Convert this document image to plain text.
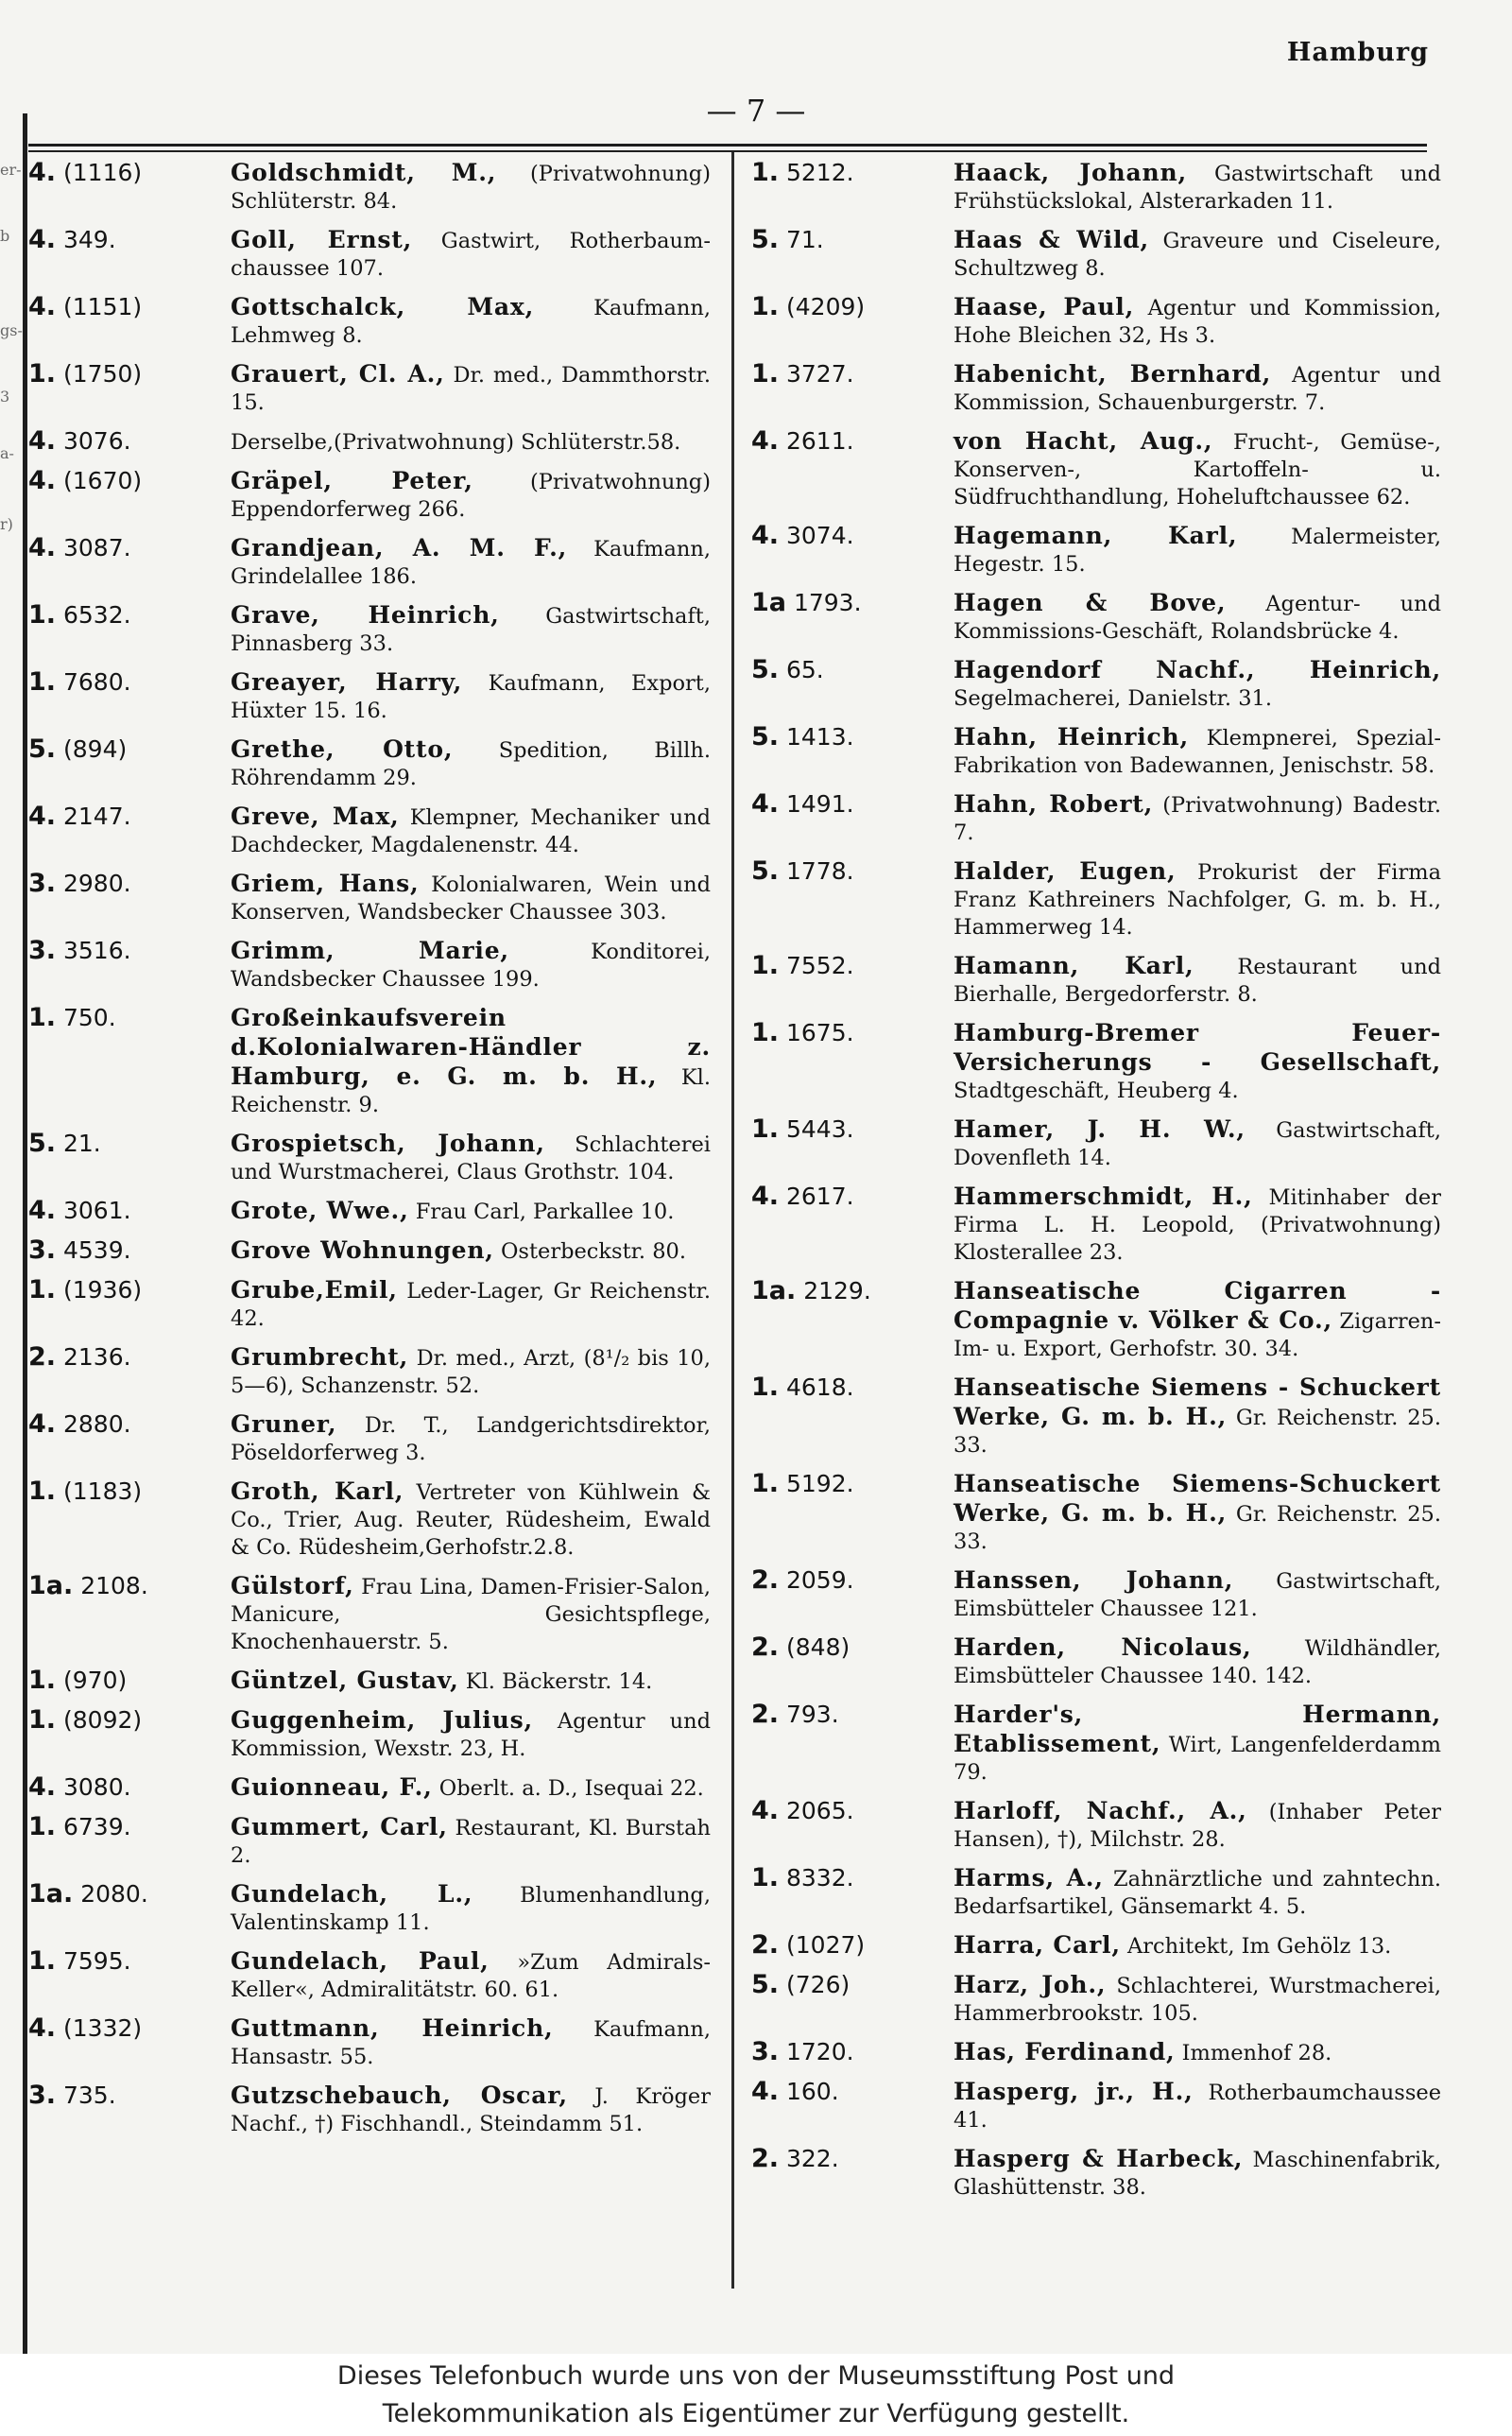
er-
b
gs-
3
a-
r)
Hamburg
— 7 —
4. (1116)	Goldschmidt, M., (Privatwohnung) Schlüterstr. 84.
4. 349.	Goll, Ernst, Gastwirt, Rotherbaum-chaussee 107.
4. (1151)	Gottschalck, Max,	Kaufmann, Lehmweg 8.
1. (1750)	Grauert, Cl. A., Dr. med., Dammthorstr. 15.
4. 3076.	Derselbe,(Privatwohnung) Schlüterstr.58.
4. (1670)	Gräpel, Peter,	(Privatwohnung) Eppendorferweg 266.
4. 3087.	Grandjean, A. M. F., Kaufmann, Grindelallee 186.
1. 6532.	Grave, Heinrich, Gastwirtschaft, Pinnasberg 33.
1. 7680.	Greayer, Harry, Kaufmann, Export, Hüxter 15. 16.
5. (894)	Grethe, Otto, Spedition, Billh. Röhrendamm 29.
4. 2147.	Greve, Max, Klempner, Mechaniker und Dachdecker, Magdalenenstr. 44.
3. 2980.	Griem, Hans, Kolonialwaren, Wein und Konserven, Wandsbecker Chaussee 303.
3. 3516.	Grimm, Marie,	Konditorei, Wandsbecker Chaussee 199.
1. 750.	Großeinkaufsverein d.Kolonialwaren-Händler z. Hamburg, e. G. m. b. H., Kl. Reichenstr. 9.
5. 21.	Grospietsch, Johann, Schlachterei und Wurstmacherei, Claus Grothstr. 104.
4. 3061.	Grote, Wwe., Frau Carl, Parkallee 10.
3. 4539.	Grove Wohnungen, Osterbeckstr. 80.
1. (1936)	Grube,Emil, Leder-Lager, Gr Reichenstr. 42.
2. 2136.	Grumbrecht, Dr. med., Arzt, (8¹/₂ bis 10, 5—6), Schanzenstr. 52.
4. 2880.	Gruner, Dr. T., Landgerichtsdirektor, Pöseldorferweg 3.
1. (1183)	Groth, Karl, Vertreter von Kühlwein & Co., Trier, Aug. Reuter, Rüdesheim, Ewald & Co. Rüdesheim,Gerhofstr.2.8.
1a. 2108.	Gülstorf, Frau Lina, Damen-Frisier-Salon, Manicure, Gesichtspflege, Knochenhauerstr. 5.
1. (970)	Güntzel, Gustav, Kl. Bäckerstr. 14.
1. (8092)	Guggenheim, Julius, Agentur und Kommission, Wexstr. 23, H.
4. 3080.	Guionneau, F., Oberlt. a. D., Isequai 22.
1. 6739.	Gummert, Carl, Restaurant, Kl. Burstah 2.
1a. 2080.	Gundelach, L., Blumenhandlung, Valentinskamp 11.
1. 7595.	Gundelach, Paul, »Zum Admirals-Keller«, Admiralitätstr. 60. 61.
4. (1332)	Guttmann, Heinrich, Kaufmann, Hansastr. 55.
3. 735.	Gutzschebauch, Oscar, J. Kröger Nachf., †) Fischhandl., Steindamm 51.
1. 5212.	Haack, Johann, Gastwirtschaft und Frühstückslokal, Alsterarkaden 11.
5. 71.	Haas & Wild, Graveure und Ciseleure, Schultzweg 8.
1. (4209)	Haase, Paul, Agentur und Kommission, Hohe Bleichen 32, Hs 3.
1. 3727.	Habenicht, Bernhard, Agentur und Kommission, Schauenburgerstr. 7.
4. 2611.	von Hacht, Aug., Frucht-, Gemüse-, Konserven-, Kartoffeln- u. Südfruchthandlung, Hoheluftchaussee 62.
4. 3074.	Hagemann, Karl,	Malermeister, Hegestr. 15.
1a 1793.	Hagen & Bove, Agentur- und Kommissions-Geschäft, Rolandsbrücke 4.
5. 65.	Hagendorf Nachf., Heinrich, Segelmacherei, Danielstr. 31.
5. 1413.	Hahn, Heinrich, Klempnerei, Spezial-Fabrikation von Badewannen, Jenischstr. 58.
4. 1491.	Hahn, Robert, (Privatwohnung) Badestr. 7.
5. 1778.	Halder, Eugen, Prokurist der Firma Franz Kathreiners Nachfolger, G. m. b. H., Hammerweg 14.
1. 7552.	Hamann, Karl, Restaurant und Bierhalle, Bergedorferstr. 8.
1. 1675.	Hamburg-Bremer Feuer-Versicherungs - Gesellschaft, Stadtgeschäft, Heuberg 4.
1. 5443.	Hamer, J. H. W., Gastwirtschaft, Dovenfleth 14.
4. 2617.	Hammerschmidt, H., Mitinhaber der Firma L. H. Leopold, (Privatwohnung) Klosterallee 23.
1a. 2129.	Hanseatische Cigarren - Compagnie v. Völker & Co., Zigarren-Im- u. Export, Gerhofstr. 30. 34.
1. 4618.	Hanseatische Siemens - Schuckert Werke, G. m. b. H., Gr. Reichenstr. 25. 33.
1. 5192.	Hanseatische Siemens-Schuckert Werke, G. m. b. H., Gr. Reichenstr. 25. 33.
2. 2059.	Hanssen, Johann, Gastwirtschaft, Eimsbütteler Chaussee 121.
2. (848)	Harden, Nicolaus, Wildhändler, Eimsbütteler Chaussee 140. 142.
2. 793.	Harder's, Hermann, Etablissement, Wirt, Langenfelderdamm 79.
4. 2065.	Harloff, Nachf., A., (Inhaber Peter Hansen), †), Milchstr. 28.
1. 8332.	Harms, A., Zahnärztliche und zahntechn. Bedarfsartikel, Gänsemarkt 4. 5.
2. (1027)	Harra, Carl, Architekt, Im Gehölz 13.
5. (726)	Harz, Joh., Schlachterei, Wurstmacherei, Hammerbrookstr. 105.
3. 1720.	Has, Ferdinand, Immenhof 28.
4. 160.	Hasperg, jr., H., Rotherbaumchaussee 41.
2. 322.	Hasperg & Harbeck, Maschinenfabrik, Glashüttenstr. 38.
Dieses Telefonbuch wurde uns von der Museumsstiftung Post und
Telekommunikation als Eigentümer zur Verfügung gestellt.
